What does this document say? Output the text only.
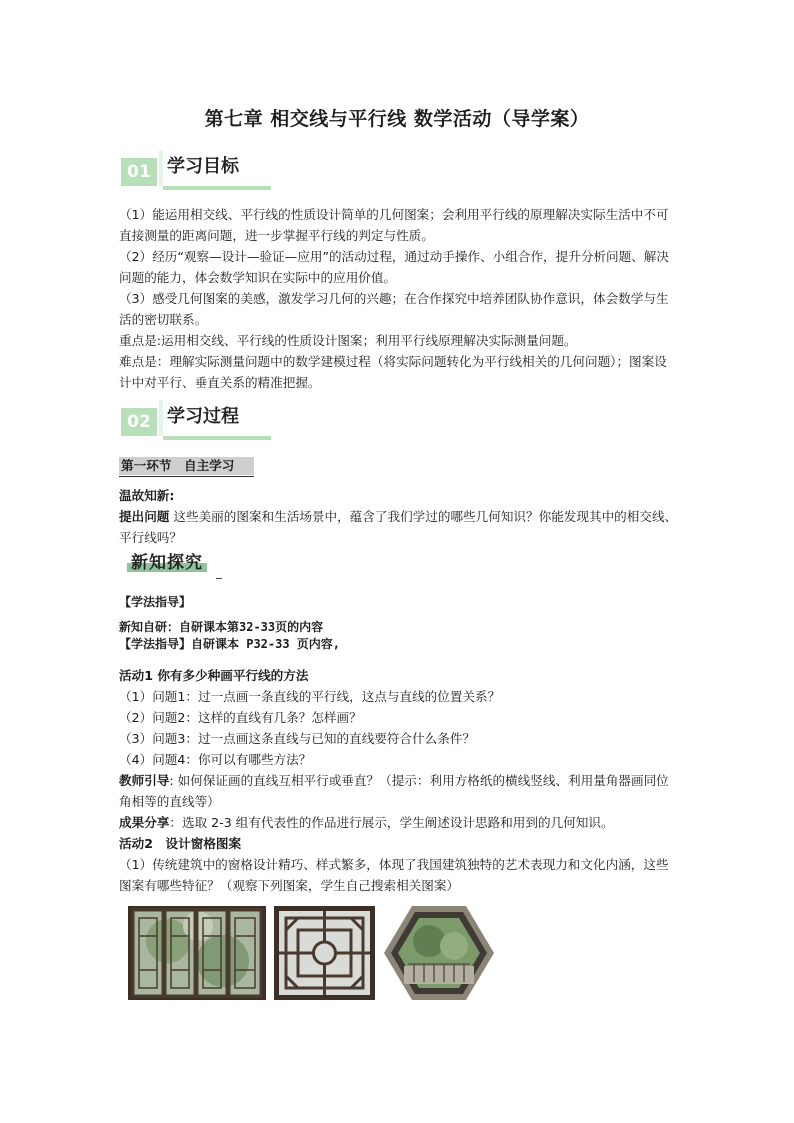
第七章 相交线与平行线 数学活动（导学案）
01 学习目标
（1）能运用相交线、平行线的性质设计简单的几何图案；会利用平行线的原理解决实际生活中不可直接测量的距离问题，进一步掌握平行线的判定与性质。
（2）经历“观察—设计—验证—应用”的活动过程，通过动手操作、小组合作，提升分析问题、解决问题的能力，体会数学知识在实际中的应用价值。
（3）感受几何图案的美感，激发学习几何的兴趣；在合作探究中培养团队协作意识，体会数学与生活的密切联系。
重点是:运用相交线、平行线的性质设计图案；利用平行线原理解决实际测量问题。
难点是：理解实际测量问题中的数学建模过程（将实际问题转化为平行线相关的几何问题）；图案设计中对平行、垂直关系的精准把握。
02 学习过程
第一环节　自主学习
温故知新:
提出问题 这些美丽的图案和生活场景中，蕴含了我们学过的哪些几何知识？你能发现其中的相交线、平行线吗？
新知探究
【学法指导】
新知自研：自研课本第32-33页的内容
【学法指导】自研课本 P32-33 页内容,
活动1 你有多少种画平行线的方法
（1）问题1：过一点画一条直线的平行线，这点与直线的位置关系？
（2）问题2：这样的直线有几条？怎样画？
（3）问题3：过一点画这条直线与已知的直线要符合什么条件？
（4）问题4：你可以有哪些方法？
教师引导: 如何保证画的直线互相平行或垂直？（提示：利用方格纸的横线竖线、利用量角器画同位角相等的直线等）
成果分享：选取 2-3 组有代表性的作品进行展示，学生阐述设计思路和用到的几何知识。
活动2　设计窗格图案
（1）传统建筑中的窗格设计精巧、样式繁多，体现了我国建筑独特的艺术表现力和文化内涵，这些图案有哪些特征？（观察下列图案，学生自己搜索相关图案）
